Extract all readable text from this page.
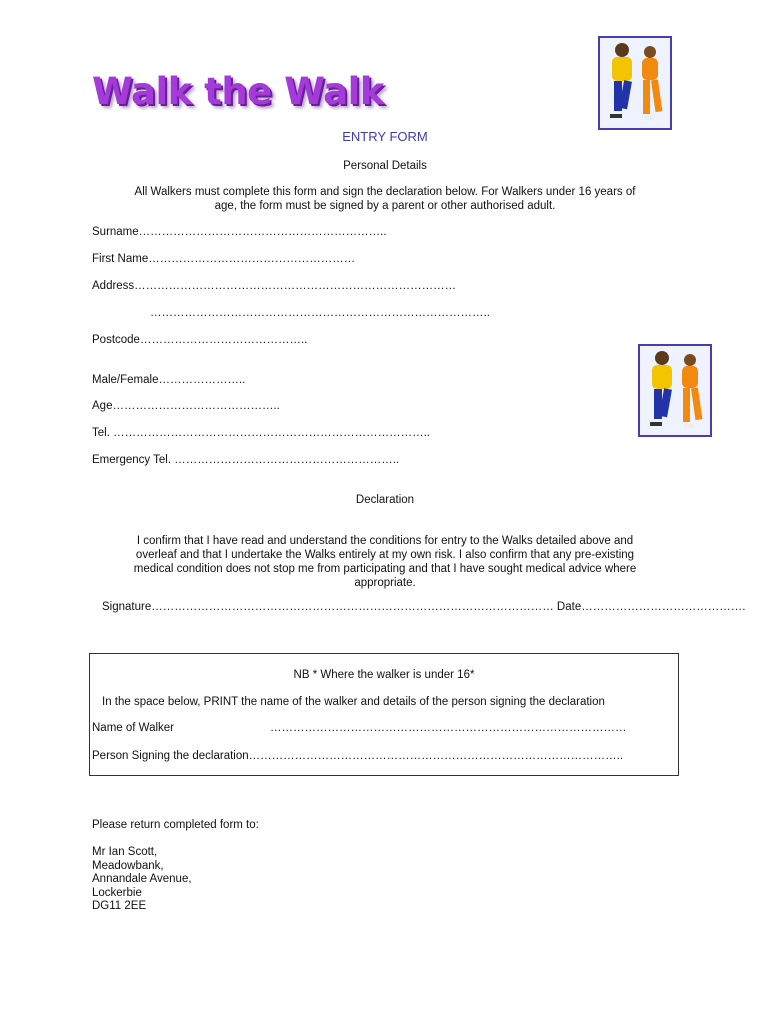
Walk the Walk
ENTRY FORM
Personal Details
All Walkers must complete this form and sign the declaration below. For Walkers under 16 years of
age, the form must be signed by a parent or other authorised adult.
Surname………………………………………………………..
First Name………………………………………………
Address…………………………………………………………………………
……………………………………………………………………………..
Postcode……………………………………..
Male/Female…………………..
Age……………………………………..
Tel. ………………………………………………………………………..
Emergency Tel. …………………………………………………..
Declaration
I confirm that I have read and understand the conditions for entry to the Walks detailed above and
overleaf and that I undertake the Walks entirely at my own risk. I also confirm that any pre-existing
medical condition does not stop me from participating and that I have sought medical advice where
appropriate.
Signature…………………………………………………………………………………………… Date…………………………………….
NB * Where the walker is under 16*
In the space below, PRINT the name of the walker and details of the person signing the declaration
Name of Walker	…………………………………………………………………………………
Person Signing the declaration……………………………………………………………………………………..
Please return completed form to:
Mr Ian Scott,
Meadowbank,
Annandale Avenue,
Lockerbie
DG11 2EE
